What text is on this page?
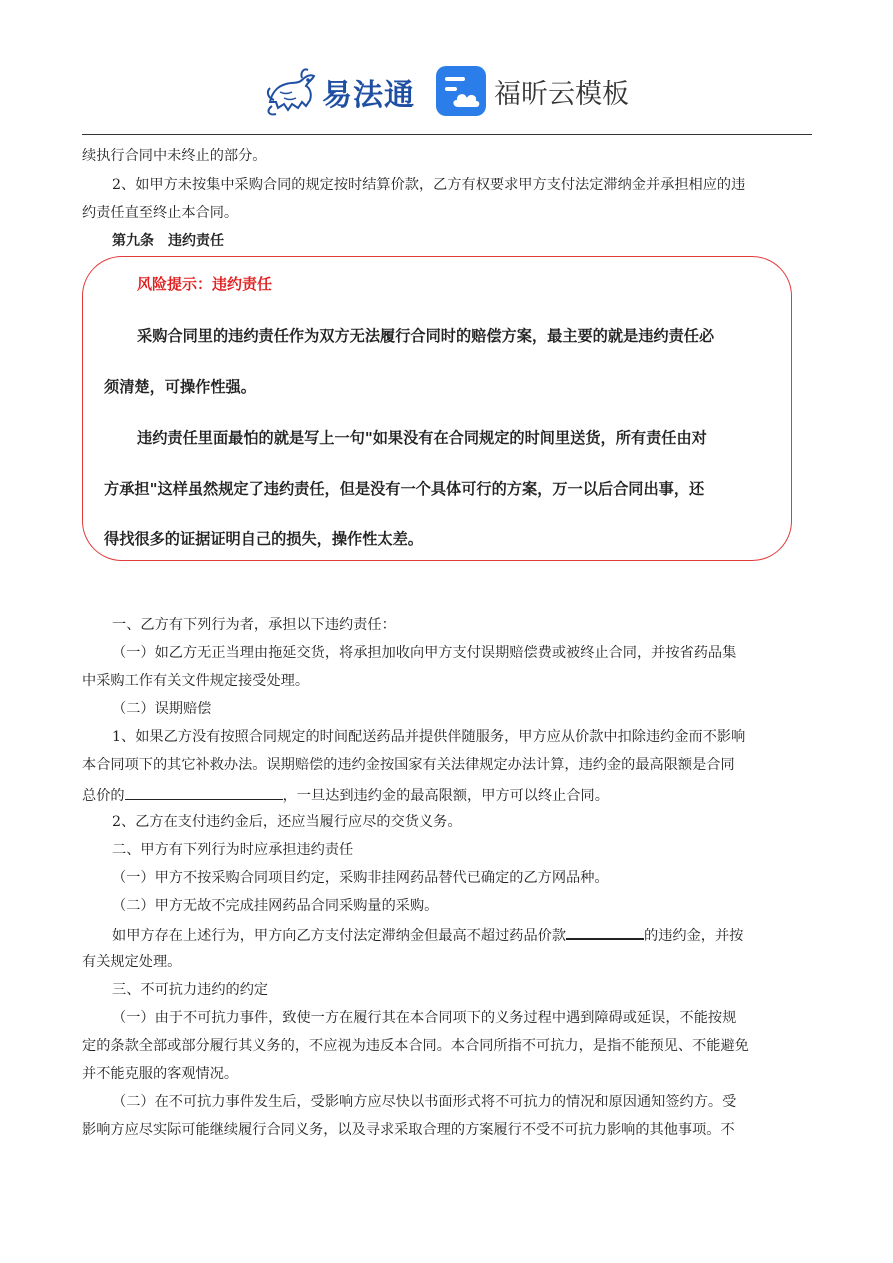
易法通	福昕云模板
续执行合同中未终止的部分。
2、如甲方未按集中采购合同的规定按时结算价款，乙方有权要求甲方支付法定滞纳金并承担相应的违
约责任直至终止本合同。
第九条　违约责任
风险提示：违约责任
采购合同里的违约责任作为双方无法履行合同时的赔偿方案，最主要的就是违约责任必
须清楚，可操作性强。
违约责任里面最怕的就是写上一句"如果没有在合同规定的时间里送货，所有责任由对
方承担"这样虽然规定了违约责任，但是没有一个具体可行的方案，万一以后合同出事，还
得找很多的证据证明自己的损失，操作性太差。
一、乙方有下列行为者，承担以下违约责任：
（一）如乙方无正当理由拖延交货，将承担加收向甲方支付误期赔偿费或被终止合同，并按省药品集
中采购工作有关文件规定接受处理。
（二）误期赔偿
1、如果乙方没有按照合同规定的时间配送药品并提供伴随服务，甲方应从价款中扣除违约金而不影响
本合同项下的其它补救办法。误期赔偿的违约金按国家有关法律规定办法计算，违约金的最高限额是合同
总价的	，一旦达到违约金的最高限额，甲方可以终止合同。
2、乙方在支付违约金后，还应当履行应尽的交货义务。
二、甲方有下列行为时应承担违约责任
（一）甲方不按采购合同项目约定，采购非挂网药品替代已确定的乙方网品种。
（二）甲方无故不完成挂网药品合同采购量的采购。
如甲方存在上述行为，甲方向乙方支付法定滞纳金但最高不超过药品价款	的违约金，并按
有关规定处理。
三、不可抗力违约的约定
（一）由于不可抗力事件，致使一方在履行其在本合同项下的义务过程中遇到障碍或延误，不能按规
定的条款全部或部分履行其义务的，不应视为违反本合同。本合同所指不可抗力，是指不能预见、不能避免
并不能克服的客观情况。
（二）在不可抗力事件发生后，受影响方应尽快以书面形式将不可抗力的情况和原因通知签约方。受
影响方应尽实际可能继续履行合同义务，以及寻求采取合理的方案履行不受不可抗力影响的其他事项。不
